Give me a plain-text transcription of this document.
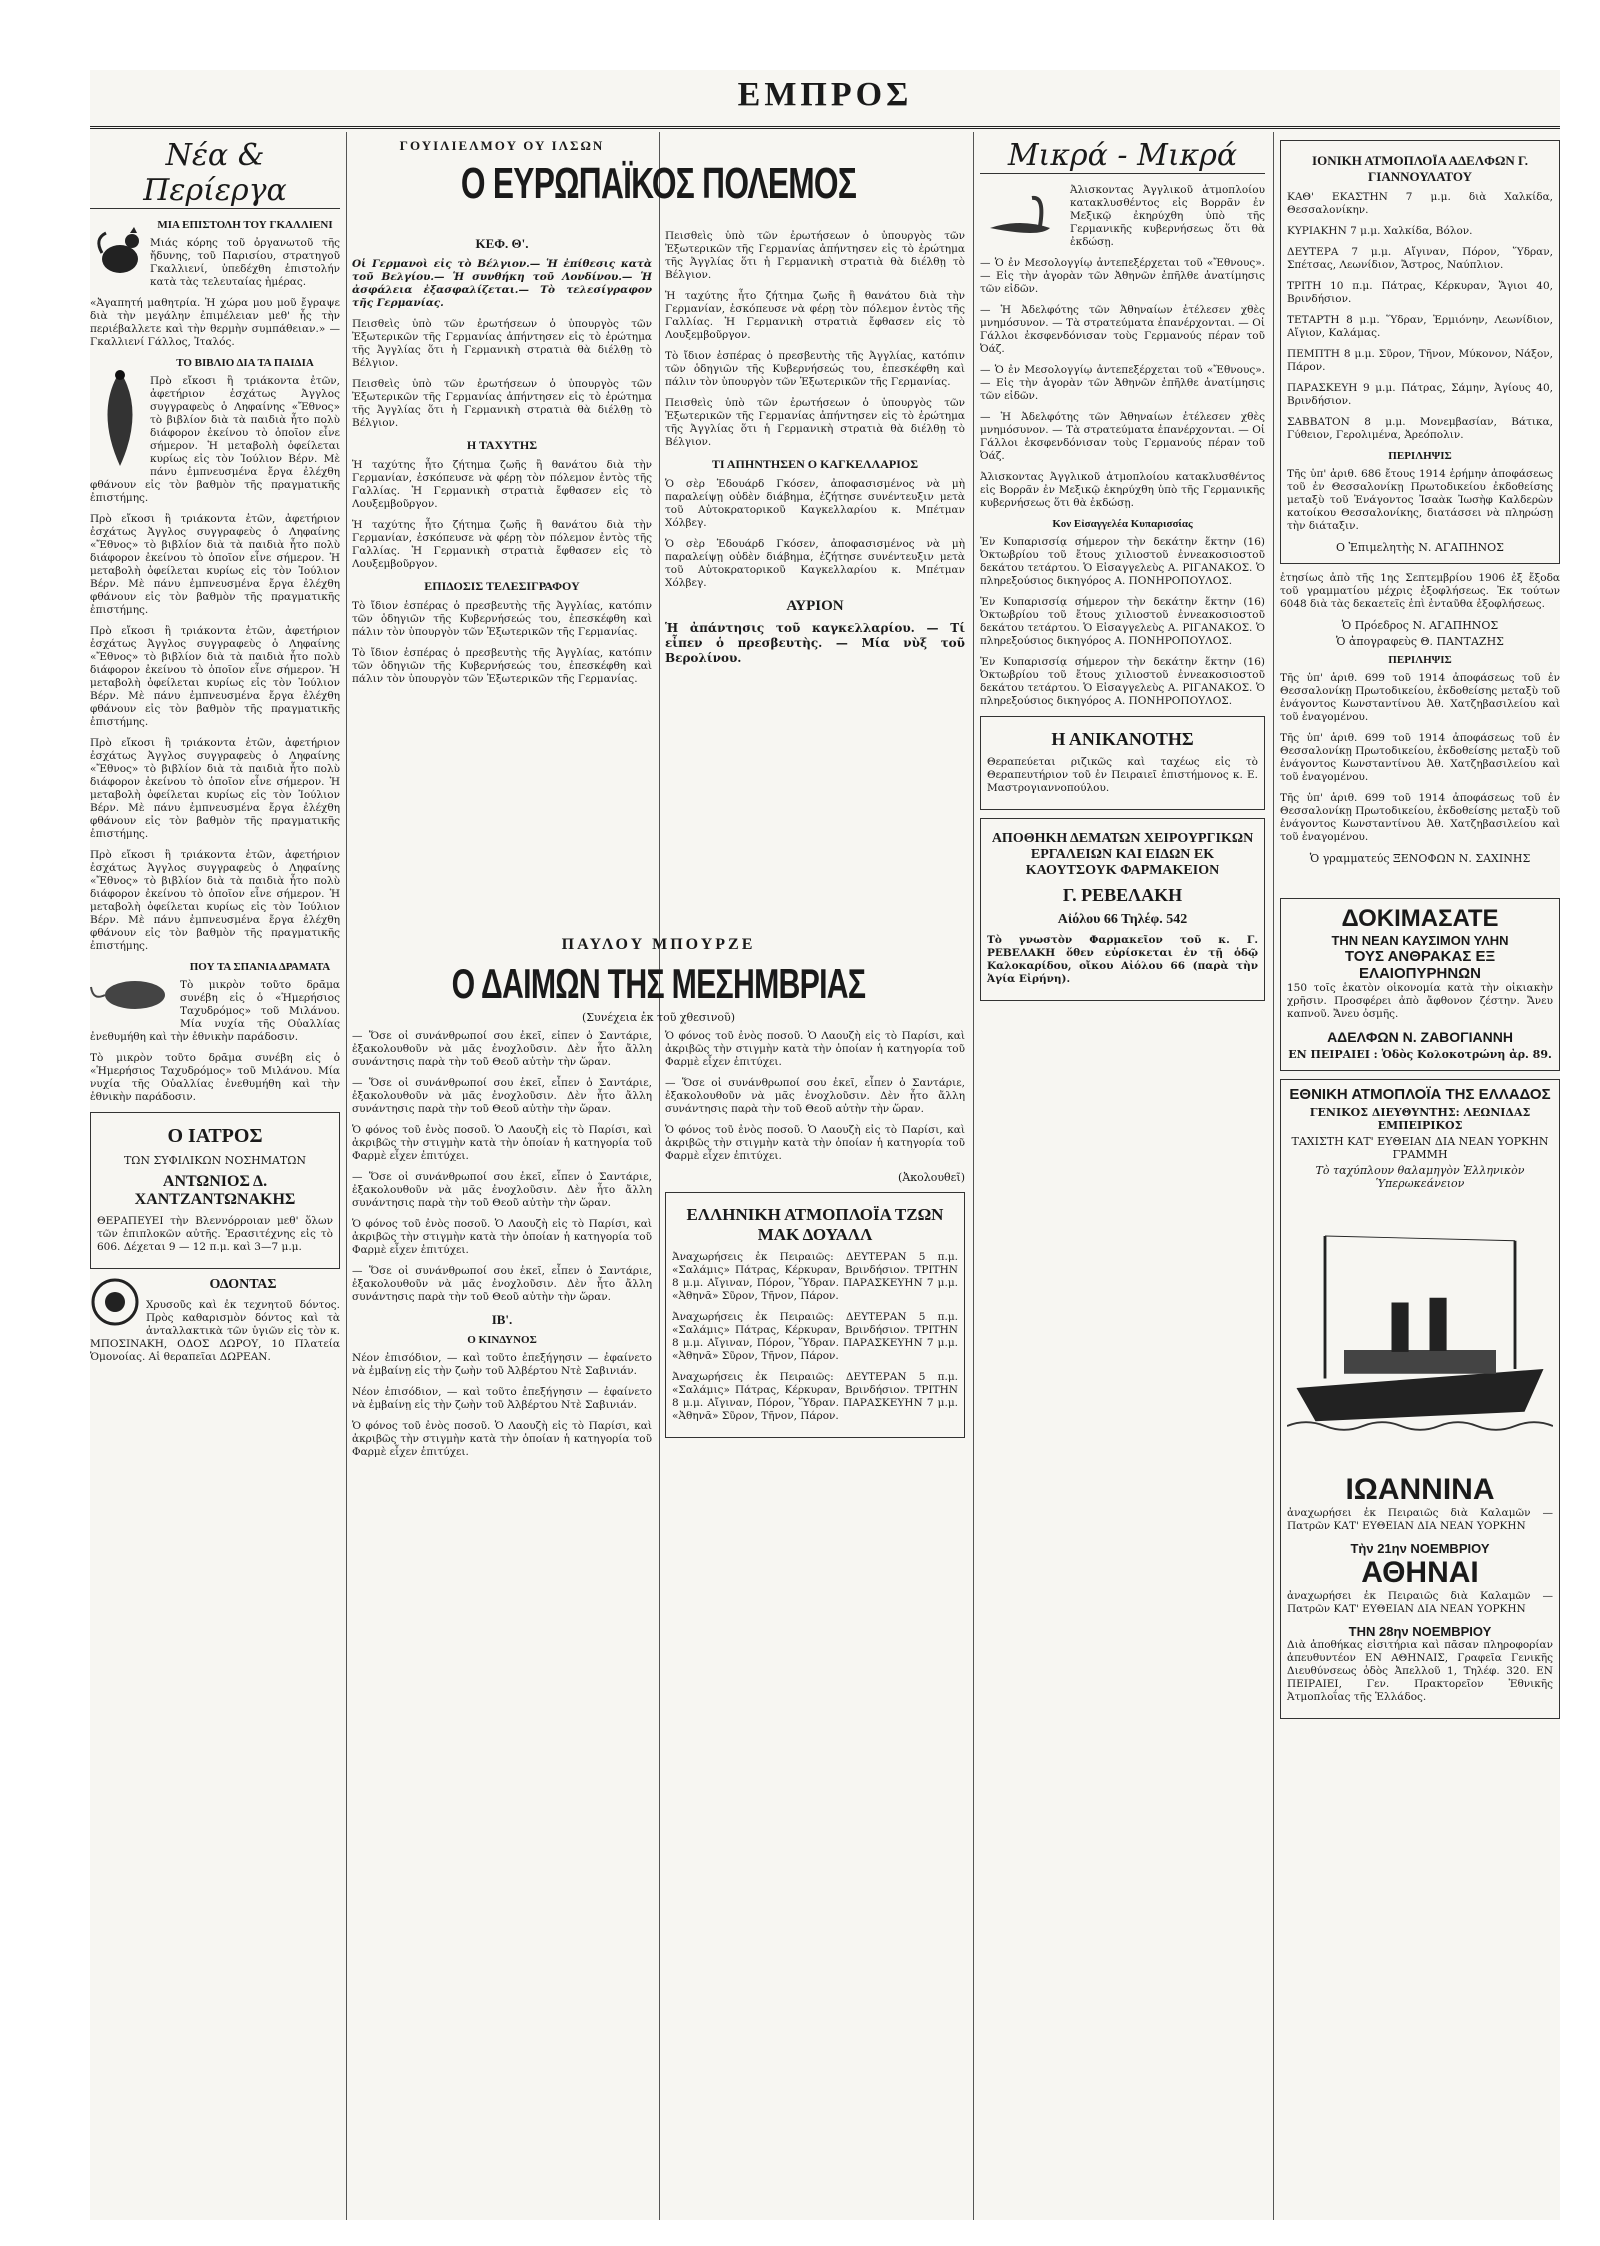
ΕΜΠΡΟΣ
Νέα & Περίεργα
ΜΙΑ ΕΠΙΣΤΟΛΗ ΤΟΥ ΓΚΑΛΛΙΕΝΙ

Μιάς κόρης τοῦ ὀργανωτοῦ τῆς ἤδυνης, τοῦ Παρισίου, στρατηγοῦ Γκαλλιενί, ὑπεδέχθη ἐπιστολήν κατὰ τὰς τελευταίας ἡμέρας.

«Ἀγαπητή μαθητρία. Ἡ χώρα μου μοῦ ἔγραψε διὰ τὴν μεγάλην ἐπιμέλειαν μεθ' ἧς τὴν περιέβαλλετε καὶ τὴν θερμὴν συμπάθειαν.» — Γκαλλιενί Γάλλος, Ἰταλός.

ΤΟ ΒΙΒΛΙΟ ΔΙΑ ΤΑ ΠΑΙΔΙΑ

Πρὸ εἴκοσι ἢ τριάκοντα ἐτῶν, ἀφετήριον ἐσχάτως Ἀγγλος συγγραφεὺς ὁ Ληφαίνης «Ἔθνος» τὸ βιβλίον διὰ τὰ παιδιὰ ἦτο πολὺ διάφορον ἐκείνου τὸ ὁποῖον εἶνε σήμερον. Ἡ μεταβολὴ ὀφείλεται κυρίως εἰς τὸν Ἰούλιον Βέρν. Μὲ πάνυ ἐμπνευσμένα ἔργα ἐλέχθη φθάνουν εἰς τὸν βαθμὸν τῆς πραγματικῆς ἐπιστήμης.

Πρὸ εἴκοσι ἢ τριάκοντα ἐτῶν, ἀφετήριον ἐσχάτως Ἀγγλος συγγραφεὺς ὁ Ληφαίνης «Ἔθνος» τὸ βιβλίον διὰ τὰ παιδιὰ ἦτο πολὺ διάφορον ἐκείνου τὸ ὁποῖον εἶνε σήμερον. Ἡ μεταβολὴ ὀφείλεται κυρίως εἰς τὸν Ἰούλιον Βέρν. Μὲ πάνυ ἐμπνευσμένα ἔργα ἐλέχθη φθάνουν εἰς τὸν βαθμὸν τῆς πραγματικῆς ἐπιστήμης.

Πρὸ εἴκοσι ἢ τριάκοντα ἐτῶν, ἀφετήριον ἐσχάτως Ἀγγλος συγγραφεὺς ὁ Ληφαίνης «Ἔθνος» τὸ βιβλίον διὰ τὰ παιδιὰ ἦτο πολὺ διάφορον ἐκείνου τὸ ὁποῖον εἶνε σήμερον. Ἡ μεταβολὴ ὀφείλεται κυρίως εἰς τὸν Ἰούλιον Βέρν. Μὲ πάνυ ἐμπνευσμένα ἔργα ἐλέχθη φθάνουν εἰς τὸν βαθμὸν τῆς πραγματικῆς ἐπιστήμης.

Πρὸ εἴκοσι ἢ τριάκοντα ἐτῶν, ἀφετήριον ἐσχάτως Ἀγγλος συγγραφεὺς ὁ Ληφαίνης «Ἔθνος» τὸ βιβλίον διὰ τὰ παιδιὰ ἦτο πολὺ διάφορον ἐκείνου τὸ ὁποῖον εἶνε σήμερον. Ἡ μεταβολὴ ὀφείλεται κυρίως εἰς τὸν Ἰούλιον Βέρν. Μὲ πάνυ ἐμπνευσμένα ἔργα ἐλέχθη φθάνουν εἰς τὸν βαθμὸν τῆς πραγματικῆς ἐπιστήμης.

Πρὸ εἴκοσι ἢ τριάκοντα ἐτῶν, ἀφετήριον ἐσχάτως Ἀγγλος συγγραφεὺς ὁ Ληφαίνης «Ἔθνος» τὸ βιβλίον διὰ τὰ παιδιὰ ἦτο πολὺ διάφορον ἐκείνου τὸ ὁποῖον εἶνε σήμερον. Ἡ μεταβολὴ ὀφείλεται κυρίως εἰς τὸν Ἰούλιον Βέρν. Μὲ πάνυ ἐμπνευσμένα ἔργα ἐλέχθη φθάνουν εἰς τὸν βαθμὸν τῆς πραγματικῆς ἐπιστήμης.

ΠΟΥ ΤΑ ΣΠΑΝΙΑ ΔΡΑΜΑΤΑ

Τὸ μικρὸν τοῦτο δρᾶμα συνέβη εἰς ὁ «Ἡμερήσιος Ταχυδρόμος» τοῦ Μιλάνου. Μία νυχία τῆς Οὐαλλίας ἐνεθυμήθη καὶ τὴν ἐθνικὴν παράδοσιν.

Τὸ μικρὸν τοῦτο δρᾶμα συνέβη εἰς ὁ «Ἡμερήσιος Ταχυδρόμος» τοῦ Μιλάνου. Μία νυχία τῆς Οὐαλλίας ἐνεθυμήθη καὶ τὴν ἐθνικὴν παράδοσιν.

Ο ΙΑΤΡΟΣ
ΤΩΝ ΣΥΦΙΛΙΚΩΝ ΝΟΣΗΜΑΤΩΝ
ΑΝΤΩΝΙΟΣ Δ. ΧΑΝΤΖΑΝΤΩΝΑΚΗΣ

ΘΕΡΑΠΕΥΕΙ τὴν Βλεννόρροιαν μεθ' ὅλων τῶν ἐπιπλοκῶν αὐτῆς. Ἐρασιτέχνης εἰς τὸ 606. Δέχεται 9 — 12 π.μ. καὶ 3—7 μ.μ.

ΟΔΟΝΤΑΣ

Χρυσοῦς καὶ ἐκ τεχνητοῦ δόντος. Πρὸς καθαρισμὸν δόντος καὶ τὰ ἀνταλλακτικὰ τῶν ὑγιῶν εἰς τὸν κ. ΜΠΟΣΙΝΑΚΗ, ΟΔΟΣ ΔΩΡΟΥ, 10 Πλατεία Ὁμονοίας. Αἱ θεραπεῖαι ΔΩΡΕΑΝ.

ΓΟΥΙΛΙΕΛΜΟΥ ΟΥ ΙΛΣΩΝ
Ο ΕΥΡΩΠΑΪΚΟΣ ΠΟΛΕΜΟΣ
ΚΕΦ. Θ'.

Οἱ Γερμανοὶ εἰς τὸ Βέλγιον.— Ἡ ἐπίθεσις κατὰ τοῦ Βελγίου.— Ἡ συνθήκη τοῦ Λονδίνου.— Ἡ ἀσφάλεια ἐξασφαλίζεται.— Τὸ τελεσίγραφον τῆς Γερμανίας.

Πεισθεὶς ὑπὸ τῶν ἐρωτήσεων ὁ ὑπουργὸς τῶν Ἐξωτερικῶν τῆς Γερμανίας ἀπήντησεν εἰς τὸ ἐρώτημα τῆς Ἀγγλίας ὅτι ἡ Γερμανικὴ στρατιὰ θὰ διέλθῃ τὸ Βέλγιον.

Πεισθεὶς ὑπὸ τῶν ἐρωτήσεων ὁ ὑπουργὸς τῶν Ἐξωτερικῶν τῆς Γερμανίας ἀπήντησεν εἰς τὸ ἐρώτημα τῆς Ἀγγλίας ὅτι ἡ Γερμανικὴ στρατιὰ θὰ διέλθῃ τὸ Βέλγιον.

Η ΤΑΧΥΤΗΣ

Ἡ ταχύτης ἦτο ζήτημα ζωῆς ἢ θανάτου διὰ τὴν Γερμανίαν, ἐσκόπευσε νὰ φέρῃ τὸν πόλεμον ἐντὸς τῆς Γαλλίας. Ἡ Γερμανικὴ στρατιὰ ἔφθασεν εἰς τὸ Λουξεμβοῦργον.

Ἡ ταχύτης ἦτο ζήτημα ζωῆς ἢ θανάτου διὰ τὴν Γερμανίαν, ἐσκόπευσε νὰ φέρῃ τὸν πόλεμον ἐντὸς τῆς Γαλλίας. Ἡ Γερμανικὴ στρατιὰ ἔφθασεν εἰς τὸ Λουξεμβοῦργον.

ΕΠΙΔΟΣΙΣ ΤΕΛΕΣΙΓΡΑΦΟΥ

Τὸ ἴδιον ἑσπέρας ὁ πρεσβευτὴς τῆς Ἀγγλίας, κατόπιν τῶν ὁδηγιῶν τῆς Κυβερνήσεώς του, ἐπεσκέφθη καὶ πάλιν τὸν ὑπουργὸν τῶν Ἐξωτερικῶν τῆς Γερμανίας.

Τὸ ἴδιον ἑσπέρας ὁ πρεσβευτὴς τῆς Ἀγγλίας, κατόπιν τῶν ὁδηγιῶν τῆς Κυβερνήσεώς του, ἐπεσκέφθη καὶ πάλιν τὸν ὑπουργὸν τῶν Ἐξωτερικῶν τῆς Γερμανίας.

Πεισθεὶς ὑπὸ τῶν ἐρωτήσεων ὁ ὑπουργὸς τῶν Ἐξωτερικῶν τῆς Γερμανίας ἀπήντησεν εἰς τὸ ἐρώτημα τῆς Ἀγγλίας ὅτι ἡ Γερμανικὴ στρατιὰ θὰ διέλθῃ τὸ Βέλγιον.

Ἡ ταχύτης ἦτο ζήτημα ζωῆς ἢ θανάτου διὰ τὴν Γερμανίαν, ἐσκόπευσε νὰ φέρῃ τὸν πόλεμον ἐντὸς τῆς Γαλλίας. Ἡ Γερμανικὴ στρατιὰ ἔφθασεν εἰς τὸ Λουξεμβοῦργον.

Τὸ ἴδιον ἑσπέρας ὁ πρεσβευτὴς τῆς Ἀγγλίας, κατόπιν τῶν ὁδηγιῶν τῆς Κυβερνήσεώς του, ἐπεσκέφθη καὶ πάλιν τὸν ὑπουργὸν τῶν Ἐξωτερικῶν τῆς Γερμανίας.

Πεισθεὶς ὑπὸ τῶν ἐρωτήσεων ὁ ὑπουργὸς τῶν Ἐξωτερικῶν τῆς Γερμανίας ἀπήντησεν εἰς τὸ ἐρώτημα τῆς Ἀγγλίας ὅτι ἡ Γερμανικὴ στρατιὰ θὰ διέλθῃ τὸ Βέλγιον.

ΤΙ ΑΠΗΝΤΗΣΕΝ Ο ΚΑΓΚΕΛΛΑΡΙΟΣ

Ὁ σὲρ Ἐδουάρδ Γκόσεν, ἀποφασισμένος νὰ μὴ παραλείψῃ οὐδὲν διάβημα, ἐζήτησε συνέντευξιν μετὰ τοῦ Αὐτοκρατορικοῦ Καγκελλαρίου κ. Μπέτμαν Χόλβεγ.

Ὁ σὲρ Ἐδουάρδ Γκόσεν, ἀποφασισμένος νὰ μὴ παραλείψῃ οὐδὲν διάβημα, ἐζήτησε συνέντευξιν μετὰ τοῦ Αὐτοκρατορικοῦ Καγκελλαρίου κ. Μπέτμαν Χόλβεγ.

ΑΥΡΙΟΝ

Ἡ ἀπάντησις τοῦ καγκελλαρίου. — Τί εἶπεν ὁ πρεσβευτὴς. — Μία νὺξ τοῦ Βερολίνου.

ΠΑΥΛΟΥ ΜΠΟΥΡΖΕ
Ο ΔΑΙΜΩΝ ΤΗΣ ΜΕΣΗΜΒΡΙΑΣ
(Συνέχεια ἐκ τοῦ χθεσινοῦ)

— Ὅσε οἱ συνάνθρωποί σου ἐκεῖ, εἶπεν ὁ Σαντάριε, ἐξακολουθοῦν νὰ μᾶς ἐνοχλοῦσιν. Δὲν ἦτο ἄλλη συνάντησις παρὰ τὴν τοῦ Θεοῦ αὐτὴν τὴν ὥραν.

— Ὅσε οἱ συνάνθρωποί σου ἐκεῖ, εἶπεν ὁ Σαντάριε, ἐξακολουθοῦν νὰ μᾶς ἐνοχλοῦσιν. Δὲν ἦτο ἄλλη συνάντησις παρὰ τὴν τοῦ Θεοῦ αὐτὴν τὴν ὥραν.

Ὁ φόνος τοῦ ἐνὸς ποσοῦ. Ὁ Λαουζὴ εἰς τὸ Παρίσι, καὶ ἀκριβῶς τὴν στιγμὴν κατὰ τὴν ὁποίαν ἡ κατηγορία τοῦ Φαρμὲ εἶχεν ἐπιτύχει.

— Ὅσε οἱ συνάνθρωποί σου ἐκεῖ, εἶπεν ὁ Σαντάριε, ἐξακολουθοῦν νὰ μᾶς ἐνοχλοῦσιν. Δὲν ἦτο ἄλλη συνάντησις παρὰ τὴν τοῦ Θεοῦ αὐτὴν τὴν ὥραν.

Ὁ φόνος τοῦ ἐνὸς ποσοῦ. Ὁ Λαουζὴ εἰς τὸ Παρίσι, καὶ ἀκριβῶς τὴν στιγμὴν κατὰ τὴν ὁποίαν ἡ κατηγορία τοῦ Φαρμὲ εἶχεν ἐπιτύχει.

— Ὅσε οἱ συνάνθρωποί σου ἐκεῖ, εἶπεν ὁ Σαντάριε, ἐξακολουθοῦν νὰ μᾶς ἐνοχλοῦσιν. Δὲν ἦτο ἄλλη συνάντησις παρὰ τὴν τοῦ Θεοῦ αὐτὴν τὴν ὥραν.

ΙΒ'.
Ο ΚΙΝΔΥΝΟΣ

Νέον ἐπισόδιον, — καὶ τοῦτο ἐπεξήγησιν — ἐφαίνετο νὰ ἐμβαίνῃ εἰς τὴν ζωὴν τοῦ Ἀλβέρτου Ντὲ Σαβινιάν.

Νέον ἐπισόδιον, — καὶ τοῦτο ἐπεξήγησιν — ἐφαίνετο νὰ ἐμβαίνῃ εἰς τὴν ζωὴν τοῦ Ἀλβέρτου Ντὲ Σαβινιάν.

Ὁ φόνος τοῦ ἐνὸς ποσοῦ. Ὁ Λαουζὴ εἰς τὸ Παρίσι, καὶ ἀκριβῶς τὴν στιγμὴν κατὰ τὴν ὁποίαν ἡ κατηγορία τοῦ Φαρμὲ εἶχεν ἐπιτύχει.

Ὁ φόνος τοῦ ἐνὸς ποσοῦ. Ὁ Λαουζὴ εἰς τὸ Παρίσι, καὶ ἀκριβῶς τὴν στιγμὴν κατὰ τὴν ὁποίαν ἡ κατηγορία τοῦ Φαρμὲ εἶχεν ἐπιτύχει.

— Ὅσε οἱ συνάνθρωποί σου ἐκεῖ, εἶπεν ὁ Σαντάριε, ἐξακολουθοῦν νὰ μᾶς ἐνοχλοῦσιν. Δὲν ἦτο ἄλλη συνάντησις παρὰ τὴν τοῦ Θεοῦ αὐτὴν τὴν ὥραν.

Ὁ φόνος τοῦ ἐνὸς ποσοῦ. Ὁ Λαουζὴ εἰς τὸ Παρίσι, καὶ ἀκριβῶς τὴν στιγμὴν κατὰ τὴν ὁποίαν ἡ κατηγορία τοῦ Φαρμὲ εἶχεν ἐπιτύχει.

(Ἀκολουθεῖ)
ΕΛΛΗΝΙΚΗ ΑΤΜΟΠΛΟΪΑ ΤΖΩΝ ΜΑΚ ΔΟΥΑΛΛ

Ἀναχωρήσεις ἐκ Πειραιῶς: ΔΕΥΤΕΡΑΝ 5 π.μ. «Σαλάμις» Πάτρας, Κέρκυραν, Βρινδήσιον. ΤΡΙΤΗΝ 8 μ.μ. Αἴγιναν, Πόρον, Ὕδραν. ΠΑΡΑΣΚΕΥΗΝ 7 μ.μ. «Ἀθηνᾶ» Σῦρον, Τῆνον, Πάρον.

Ἀναχωρήσεις ἐκ Πειραιῶς: ΔΕΥΤΕΡΑΝ 5 π.μ. «Σαλάμις» Πάτρας, Κέρκυραν, Βρινδήσιον. ΤΡΙΤΗΝ 8 μ.μ. Αἴγιναν, Πόρον, Ὕδραν. ΠΑΡΑΣΚΕΥΗΝ 7 μ.μ. «Ἀθηνᾶ» Σῦρον, Τῆνον, Πάρον.

Ἀναχωρήσεις ἐκ Πειραιῶς: ΔΕΥΤΕΡΑΝ 5 π.μ. «Σαλάμις» Πάτρας, Κέρκυραν, Βρινδήσιον. ΤΡΙΤΗΝ 8 μ.μ. Αἴγιναν, Πόρον, Ὕδραν. ΠΑΡΑΣΚΕΥΗΝ 7 μ.μ. «Ἀθηνᾶ» Σῦρον, Τῆνον, Πάρον.

Μικρά - Μικρά

Ἀλισκοντας Ἀγγλικοῦ ἀτμοπλοίου κατακλυσθέντος εἰς Βορρᾶν ἐν Μεξικῷ ἐκηρύχθη ὑπὸ τῆς Γερμανικῆς κυβερνήσεως ὅτι θὰ ἐκδώσῃ.

— Ὁ ἐν Μεσολογγίῳ ἀντεπεξέρχεται τοῦ «Ἔθνους».— Εἰς τὴν ἀγορὰν τῶν Ἀθηνῶν ἐπῆλθε ἀνατίμησις τῶν εἰδῶν.

— Ἡ Ἀδελφότης τῶν Ἀθηναίων ἐτέλεσεν χθὲς μνημόσυνον. — Τὰ στρατεύματα ἐπανέρχονται. — Οἱ Γάλλοι ἐκσφενδόνισαν τοὺς Γερμανούς πέραν τοῦ Ὀάζ.

— Ὁ ἐν Μεσολογγίῳ ἀντεπεξέρχεται τοῦ «Ἔθνους».— Εἰς τὴν ἀγορὰν τῶν Ἀθηνῶν ἐπῆλθε ἀνατίμησις τῶν εἰδῶν.

— Ἡ Ἀδελφότης τῶν Ἀθηναίων ἐτέλεσεν χθὲς μνημόσυνον. — Τὰ στρατεύματα ἐπανέρχονται. — Οἱ Γάλλοι ἐκσφενδόνισαν τοὺς Γερμανούς πέραν τοῦ Ὀάζ.

Ἀλισκοντας Ἀγγλικοῦ ἀτμοπλοίου κατακλυσθέντος εἰς Βορρᾶν ἐν Μεξικῷ ἐκηρύχθη ὑπὸ τῆς Γερμανικῆς κυβερνήσεως ὅτι θὰ ἐκδώσῃ.

Κον Εἰσαγγελέα Κυπαρισσίας

Ἐν Κυπαρισσίᾳ σήμερον τὴν δεκάτην ἕκτην (16) Ὀκτωβρίου τοῦ ἔτους χιλιοστοῦ ἐννεακοσιοστοῦ δεκάτου τετάρτου. Ὁ Εἰσαγγελεὺς Α. ΡΙΓΑΝΑΚΟΣ. Ὁ πληρεξούσιος δικηγόρος Α. ΠΟΝΗΡΟΠΟΥΛΟΣ.

Ἐν Κυπαρισσίᾳ σήμερον τὴν δεκάτην ἕκτην (16) Ὀκτωβρίου τοῦ ἔτους χιλιοστοῦ ἐννεακοσιοστοῦ δεκάτου τετάρτου. Ὁ Εἰσαγγελεὺς Α. ΡΙΓΑΝΑΚΟΣ. Ὁ πληρεξούσιος δικηγόρος Α. ΠΟΝΗΡΟΠΟΥΛΟΣ.

Ἐν Κυπαρισσίᾳ σήμερον τὴν δεκάτην ἕκτην (16) Ὀκτωβρίου τοῦ ἔτους χιλιοστοῦ ἐννεακοσιοστοῦ δεκάτου τετάρτου. Ὁ Εἰσαγγελεὺς Α. ΡΙΓΑΝΑΚΟΣ. Ὁ πληρεξούσιος δικηγόρος Α. ΠΟΝΗΡΟΠΟΥΛΟΣ.

Η ΑΝΙΚΑΝΟΤΗΣ

Θεραπεύεται ριζικῶς καὶ ταχέως εἰς τὸ Θεραπευτήριον τοῦ ἐν Πειραιεῖ ἐπιστήμονος κ. Ε. Μαστρογιαννοπούλου.

ΑΠΟΘΗΚΗ ΔΕΜΑΤΩΝ ΧΕΙΡΟΥΡΓΙΚΩΝ ΕΡΓΑΛΕΙΩΝ ΚΑΙ ΕΙΔΩΝ ΕΚ ΚΑΟΥΤΣΟΥΚ ΦΑΡΜΑΚΕΙΟΝ
Γ. ΡΕΒΕΛΑΚΗ
Αἰόλου 66 Τηλέφ. 542

Τὸ γνωστὸν Φαρμακεῖον τοῦ κ. Γ. ΡΕΒΕΛΑΚΗ ὅθεν εὑρίσκεται ἐν τῇ ὁδῷ Καλοκαρίδου, οἴκου Αἰόλου 66 (παρὰ τὴν Ἁγία Εἰρήνη).

ΙΟΝΙΚΗ ΑΤΜΟΠΛΟΪΑ ΑΔΕΛΦΩΝ Γ. ΓΙΑΝΝΟΥΛΑΤΟΥ

ΚΑΘ' ΕΚΑΣΤΗΝ 7 μ.μ. διὰ Χαλκίδα, Θεσσαλονίκην.

ΚΥΡΙΑΚΗΝ 7 μ.μ. Χαλκίδα, Βόλον.

ΔΕΥΤΕΡΑ 7 μ.μ. Αἴγιναν, Πόρον, Ὕδραν, Σπέτσας, Λεωνίδιον, Ἄστρος, Ναύπλιον.

ΤΡΙΤΗ 10 π.μ. Πάτρας, Κέρκυραν, Ἅγιοι 40, Βρινδήσιον.

ΤΕΤΑΡΤΗ 8 μ.μ. Ὕδραν, Ἑρμιόνην, Λεωνίδιον, Αἴγιον, Καλάμας.

ΠΕΜΠΤΗ 8 μ.μ. Σῦρον, Τῆνον, Μύκονον, Νάξον, Πάρον.

ΠΑΡΑΣΚΕΥΗ 9 μ.μ. Πάτρας, Σάμην, Ἀγίους 40, Βρινδήσιον.

ΣΑΒΒΑΤΟΝ 8 μ.μ. Μονεμβασίαν, Βάτικα, Γύθειον, Γερολιμένα, Ἀρεόπολιν.

ΠΕΡΙΛΗΨΙΣ

Τῆς ὑπ' ἀριθ. 686 ἔτους 1914 ἐρήμην ἀποφάσεως τοῦ ἐν Θεσσαλονίκῃ Πρωτοδικείου ἐκδοθείσης μεταξὺ τοῦ Ἐνάγοντος Ἰσαὰκ Ἰωσὴφ Καλδερὼν κατοίκου Θεσσαλονίκης, διατάσσει νὰ πληρώσῃ τὴν διάταξιν.

Ο Ἐπιμελητὴς Ν. ΑΓΑΠΗΝΟΣ

ἐτησίως ἀπὸ τῆς 1ης Σεπτεμβρίου 1906 ἐξ ἔξοδα τοῦ γραμματίου μέχρις ἐξοφλήσεως. Ἐκ τούτων 6048 διὰ τὰς δεκαετεῖς ἐπὶ ἐνταῦθα ἐξοφλήσεως.

Ὁ Πρόεδρος Ν. ΑΓΑΠΗΝΟΣ
Ὁ ἀπογραφεὺς Θ. ΠΑΝΤΑΖΗΣ
ΠΕΡΙΛΗΨΙΣ

Τῆς ὑπ' ἀριθ. 699 τοῦ 1914 ἀποφάσεως τοῦ ἐν Θεσσαλονίκῃ Πρωτοδικείου, ἐκδοθείσης μεταξὺ τοῦ ἐνάγοντος Κωνσταντίνου Ἀθ. Χατζηβασιλείου καὶ τοῦ ἐναγομένου.

Τῆς ὑπ' ἀριθ. 699 τοῦ 1914 ἀποφάσεως τοῦ ἐν Θεσσαλονίκῃ Πρωτοδικείου, ἐκδοθείσης μεταξὺ τοῦ ἐνάγοντος Κωνσταντίνου Ἀθ. Χατζηβασιλείου καὶ τοῦ ἐναγομένου.

Τῆς ὑπ' ἀριθ. 699 τοῦ 1914 ἀποφάσεως τοῦ ἐν Θεσσαλονίκῃ Πρωτοδικείου, ἐκδοθείσης μεταξὺ τοῦ ἐνάγοντος Κωνσταντίνου Ἀθ. Χατζηβασιλείου καὶ τοῦ ἐναγομένου.

Ὁ γραμματεύς ΞΕΝΟΦΩΝ Ν. ΣΑΧΙΝΗΣ
ΔΟΚΙΜΑΣΑΤΕ
ΤΗΝ ΝΕΑΝ ΚΑΥΣΙΜΟΝ ΥΛΗΝ
ΤΟΥΣ ΑΝΘΡΑΚΑΣ ΕΞ ΕΛΑΙΟΠΥΡΗΝΩΝ

150 τοῖς ἑκατὸν οἰκονομία κατὰ τὴν οἰκιακὴν χρῆσιν. Προσφέρει ἀπὸ ἄφθονον ζέστην. Ἄνευ καπνοῦ. Ἄνευ ὀσμῆς.

ΑΔΕΛΦΩΝ Ν. ΖΑΒΟΓΙΑΝΝΗ
ΕΝ ΠΕΙΡΑΙΕΙ : Ὁδὸς Κολοκοτρώνη ἀρ. 89.
ΕΘΝΙΚΗ ΑΤΜΟΠΛΟΪΑ ΤΗΣ ΕΛΛΑΔΟΣ
ΓΕΝΙΚΟΣ ΔΙΕΥΘΥΝΤΗΣ: ΛΕΩΝΙΔΑΣ ΕΜΠΕΙΡΙΚΟΣ
ΤΑΧΙΣΤΗ ΚΑΤ' ΕΥΘΕΙΑΝ ΔΙΑ ΝΕΑΝ ΥΟΡΚΗΝ ΓΡΑΜΜΗ
Τὸ ταχύπλουν θαλαμηγὸν Ἑλληνικὸν Ὑπερωκεάνειον
ΙΩΑΝΝΙΝΑ

ἀναχωρήσει ἐκ Πειραιῶς διὰ Καλαμῶν — Πατρῶν ΚΑΤ' ΕΥΘΕΙΑΝ ΔΙΑ ΝΕΑΝ ΥΟΡΚΗΝ

Τὴν 21ην ΝΟΕΜΒΡΙΟΥ
ΑΘΗΝΑΙ

ἀναχωρήσει ἐκ Πειραιῶς διὰ Καλαμῶν — Πατρῶν ΚΑΤ' ΕΥΘΕΙΑΝ ΔΙΑ ΝΕΑΝ ΥΟΡΚΗΝ

ΤΗΝ 28ην ΝΟΕΜΒΡΙΟΥ

Διὰ ἀποθήκας εἰσιτήρια καὶ πᾶσαν πληροφορίαν ἀπευθυντέον ΕΝ ΑΘΗΝΑΙΣ, Γραφεῖα Γενικῆς Διευθύνσεως ὁδὸς Ἀπελλοῦ 1, Τηλέφ. 320. ΕΝ ΠΕΙΡΑΙΕΙ, Γεν. Πρακτορεῖον Ἐθνικῆς Ἀτμοπλοΐας τῆς Ἑλλάδος.
